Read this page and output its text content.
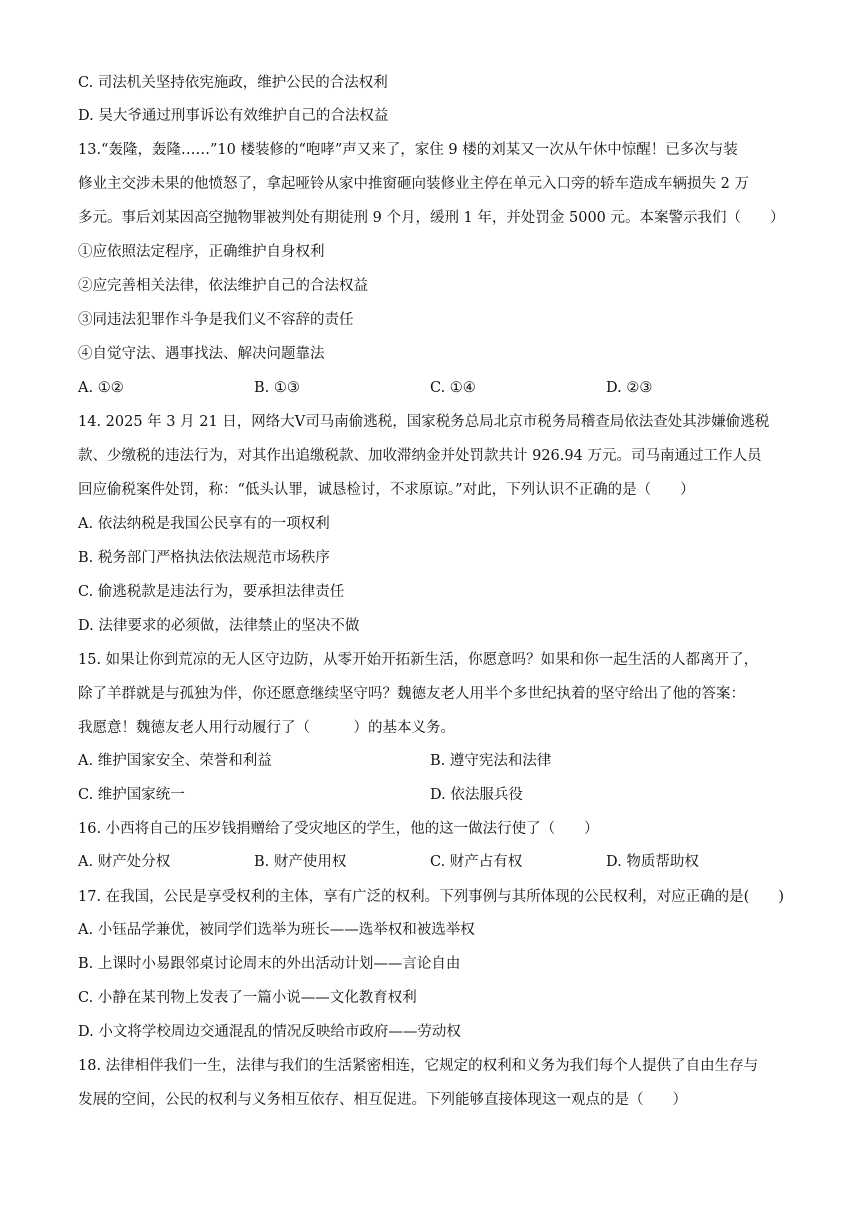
C. 司法机关坚持依宪施政，维护公民的合法权利
D. 吴大爷通过刑事诉讼有效维护自己的合法权益
13.“轰隆，轰隆……”10 楼装修的“咆哮”声又来了，家住 9 楼的刘某又一次从午休中惊醒！已多次与装
修业主交涉未果的他愤怒了，拿起哑铃从家中推窗砸向装修业主停在单元入口旁的轿车造成车辆损失 2 万
多元。事后刘某因高空抛物罪被判处有期徒刑 9 个月，缓刑 1 年，并处罚金 5000 元。本案警示我们（　　）
①应依照法定程序，正确维护自身权利
②应完善相关法律，依法维护自己的合法权益
③同违法犯罪作斗争是我们义不容辞的责任
④自觉守法、遇事找法、解决问题靠法
A. ①②	B. ①③	C. ①④	D. ②③
14. 2025 年 3 月 21 日，网络大Ⅴ司马南偷逃税，国家税务总局北京市税务局稽查局依法查处其涉嫌偷逃税
款、少缴税的违法行为，对其作出追缴税款、加收滞纳金并处罚款共计 926.94 万元。司马南通过工作人员
回应偷税案件处罚，称：“低头认罪，诚恳检讨，不求原谅。”对此，下列认识不正确的是（　　）
A. 依法纳税是我国公民享有的一项权利
B. 税务部门严格执法依法规范市场秩序
C. 偷逃税款是违法行为，要承担法律责任
D. 法律要求的必须做，法律禁止的坚决不做
15. 如果让你到荒凉的无人区守边防，从零开始开拓新生活，你愿意吗？如果和你一起生活的人都离开了，
除了羊群就是与孤独为伴，你还愿意继续坚守吗？魏德友老人用半个多世纪执着的坚守给出了他的答案：
我愿意！魏德友老人用行动履行了（　　　）的基本义务。
A. 维护国家安全、荣誉和利益	B. 遵守宪法和法律
C. 维护国家统一	D. 依法服兵役
16. 小西将自己的压岁钱捐赠给了受灾地区的学生，他的这一做法行使了（　　）
A. 财产处分权	B. 财产使用权	C. 财产占有权	D. 物质帮助权
17. 在我国，公民是享受权利的主体，享有广泛的权利。下列事例与其所体现的公民权利，对应正确的是(　　)
A. 小钰品学兼优，被同学们选举为班长——选举权和被选举权
B. 上课时小易跟邻桌讨论周末的外出活动计划——言论自由
C. 小静在某刊物上发表了一篇小说——文化教育权利
D. 小文将学校周边交通混乱的情况反映给市政府——劳动权
18. 法律相伴我们一生，法律与我们的生活紧密相连，它规定的权利和义务为我们每个人提供了自由生存与
发展的空间，公民的权利与义务相互依存、相互促进。下列能够直接体现这一观点的是（　　）
